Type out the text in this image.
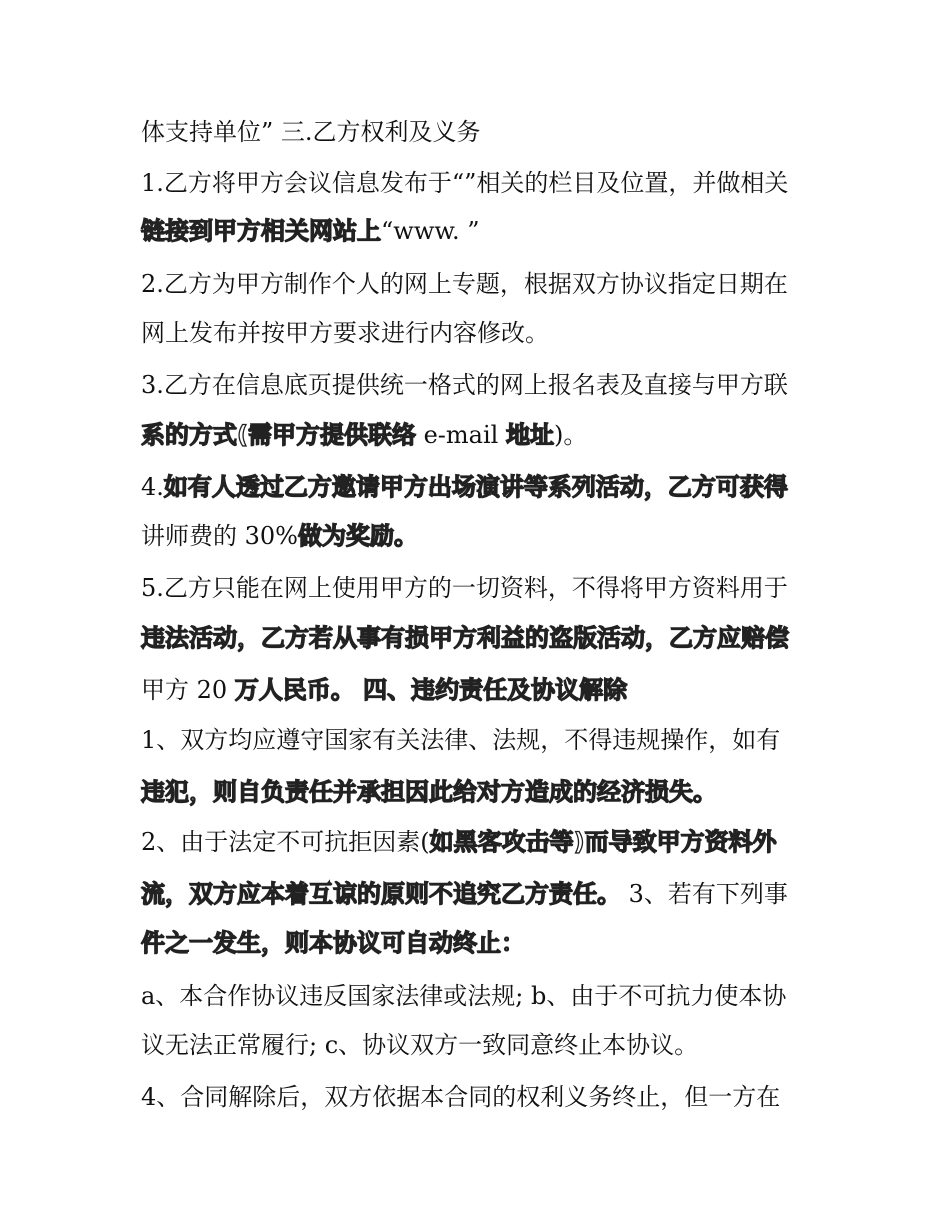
体支持单位” 三.乙方权利及义务
1.乙方将甲方会议信息发布于“”相关的栏目及位置，并做相关
链接到甲方相关网站上“www. ”
2.乙方为甲方制作个人的网上专题，根据双方协议指定日期在
网上发布并按甲方要求进行内容修改。
3.乙方在信息底页提供统一格式的网上报名表及直接与甲方联
系的方式(需甲方提供联络 e-mail 地址)。
4.如有人透过乙方邀请甲方出场演讲等系列活动，乙方可获得
讲师费的 30%做为奖励。
5.乙方只能在网上使用甲方的一切资料，不得将甲方资料用于
违法活动，乙方若从事有损甲方利益的盗版活动，乙方应赔偿
甲方 20 万人民币。 四、违约责任及协议解除
1、双方均应遵守国家有关法律、法规，不得违规操作，如有
违犯，则自负责任并承担因此给对方造成的经济损失。
2、由于法定不可抗拒因素(如黑客攻击等)而导致甲方资料外
流，双方应本着互谅的原则不追究乙方责任。 3、若有下列事
件之一发生，则本协议可自动终止：
a、本合作协议违反国家法律或法规; b、由于不可抗力使本协
议无法正常履行; c、协议双方一致同意终止本协议。
4、合同解除后，双方依据本合同的权利义务终止，但一方在
